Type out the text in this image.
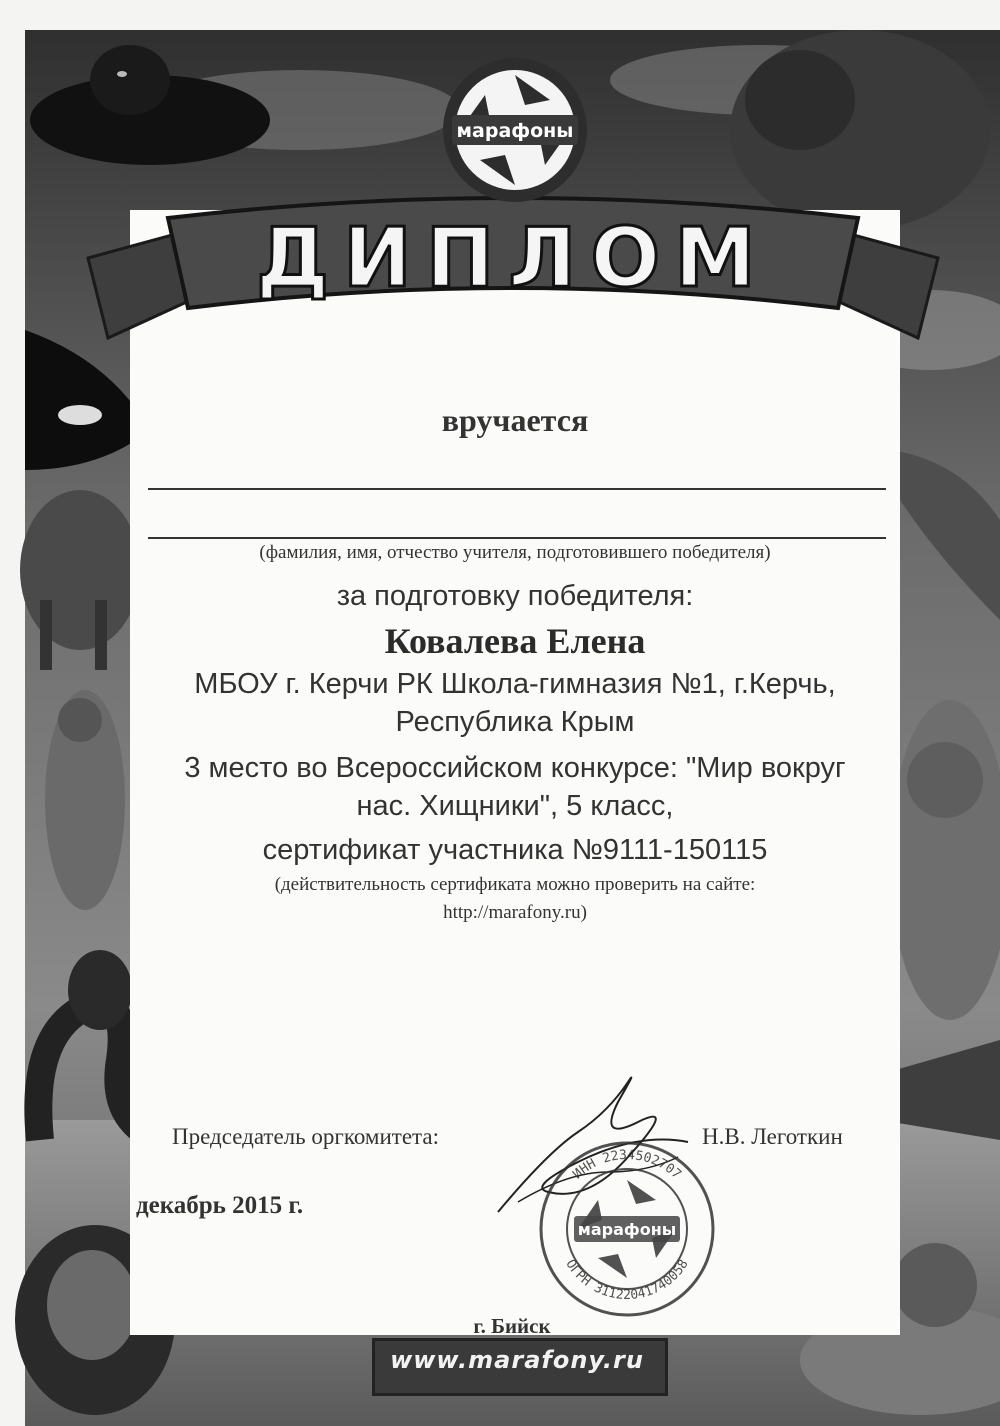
ДИПЛОМ
марафоны
вручается
(фамилия, имя, отчество учителя, подготовившего победителя)
за подготовку победителя:
Ковалева Елена
МБОУ г. Керчи РК Школа-гимназия №1, г.Керчь,
Республика Крым
3 место во Всероссийском конкурсе: "Мир вокруг
нас. Хищники", 5 класс,
сертификат участника №9111-150115
(действительность сертификата можно проверить на сайте:
http://marafony.ru)
Председатель оргкомитета:	Н.В. Леготкин
декабрь 2015 г.
ИНН 2234502707
ОГРН 31122041740058
марафоны
г. Бийск
www.marafony.ru
